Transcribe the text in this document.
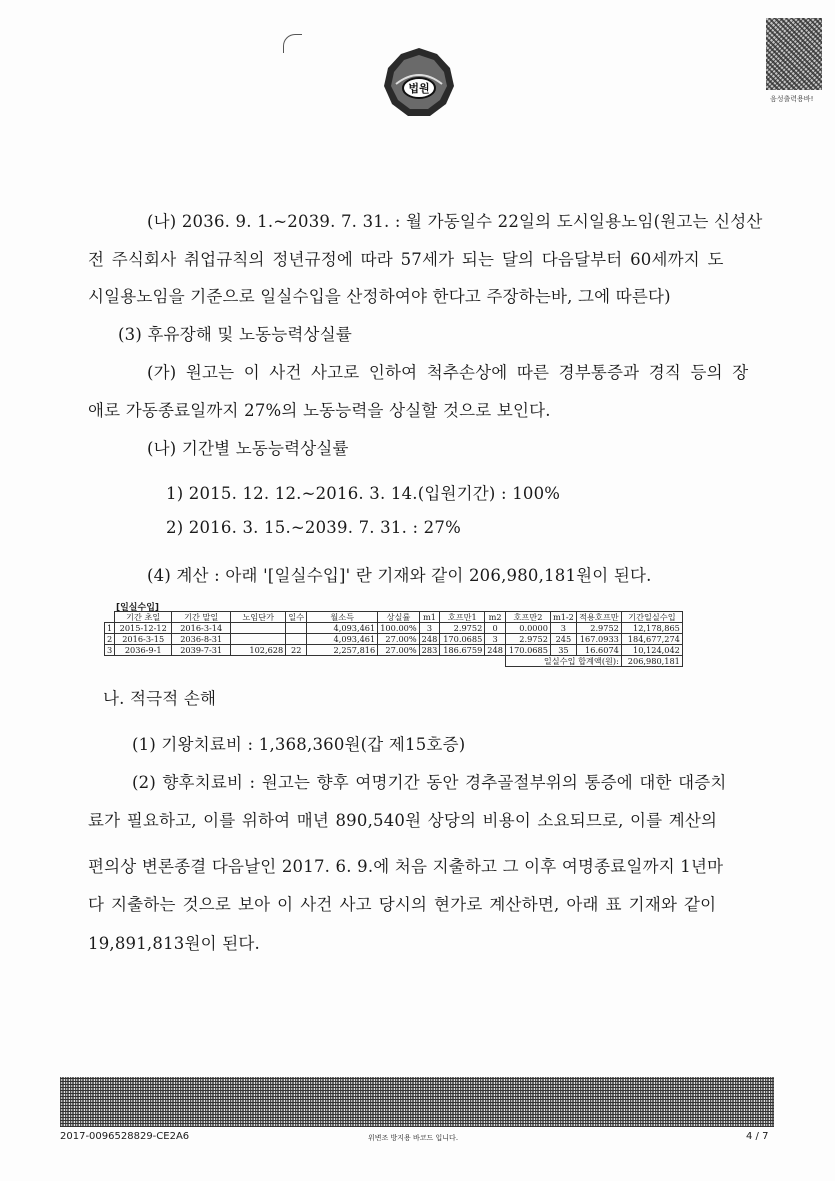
법원
음성출력용바!
(나) 2036. 9. 1.~2039. 7. 31. : 월 가동일수 22일의 도시일용노임(원고는 신성산
전 주식회사 취업규칙의 정년규정에 따라 57세가 되는 달의 다음달부터 60세까지 도
시일용노임을 기준으로 일실수입을 산정하여야 한다고 주장하는바, 그에 따른다)
(3) 후유장해 및 노동능력상실률
(가) 원고는 이 사건 사고로 인하여 척추손상에 따른 경부통증과 경직 등의 장
애로 가동종료일까지 27%의 노동능력을 상실할 것으로 보인다.
(나) 기간별 노동능력상실률
1) 2015. 12. 12.~2016. 3. 14.(입원기간) : 100%
2) 2016. 3. 15.~2039. 7. 31. : 27%
(4) 계산 : 아래 '[일실수입]' 란 기재와 같이 206,980,181원이 된다.
[일실수입]
	기간 초일	기간 말일	노임단가	일수	월소득	상실률	m1	호프만1	m2	호프만2	m1-2	적용호프만	기간일실수입
1	2015-12-12	2016-3-14			4,093,461	100.00%	3	2.9752	0	0.0000	3	2.9752	12,178,865
2	2016-3-15	2036-8-31			4,093,461	27.00%	248	170.0685	3	2.9752	245	167.0933	184,677,274
3	2036-9-1	2039-7-31	102,628	22	2,257,816	27.00%	283	186.6759	248	170.0685	35	16.6074	10,124,042
										일실수입 합계액(원):			206,980,181
나. 적극적 손해
(1) 기왕치료비 : 1,368,360원(갑 제15호증)
(2) 향후치료비 : 원고는 향후 여명기간 동안 경추골절부위의 통증에 대한 대증치
료가 필요하고, 이를 위하여 매년 890,540원 상당의 비용이 소요되므로, 이를 계산의
편의상 변론종결 다음날인 2017. 6. 9.에 처음 지출하고 그 이후 여명종료일까지 1년마
다 지출하는 것으로 보아 이 사건 사고 당시의 현가로 계산하면, 아래 표 기재와 같이
19,891,813원이 된다.
2017-0096528829-CE2A6	위변조 방지용 바코드 입니다.	4 / 7
